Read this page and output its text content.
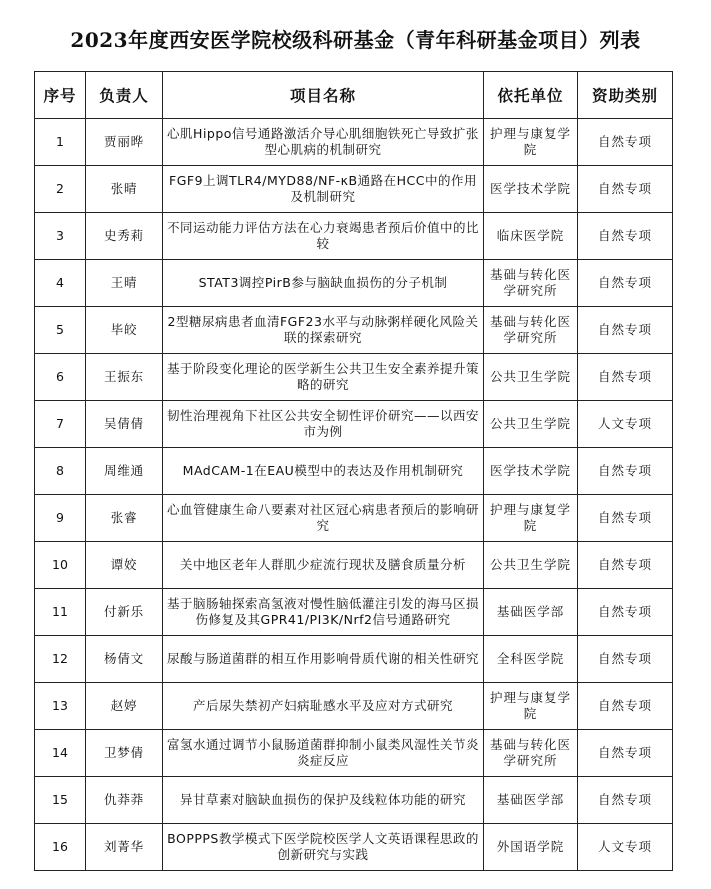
2023年度西安医学院校级科研基金（青年科研基金项目）列表
序号	负责人	项目名称	依托单位	资助类别
1	贾丽晔	心肌Hippo信号通路激活介导心肌细胞铁死亡导致扩张型心肌病的机制研究	护理与康复学院	自然专项
2	张晴	FGF9上调TLR4/MYD88/NF-κB通路在HCC中的作用及机制研究	医学技术学院	自然专项
3	史秀莉	不同运动能力评估方法在心力衰竭患者预后价值中的比较	临床医学院	自然专项
4	王晴	STAT3调控PirB参与脑缺血损伤的分子机制	基础与转化医学研究所	自然专项
5	毕皎	2型糖尿病患者血清FGF23水平与动脉粥样硬化风险关联的探索研究	基础与转化医学研究所	自然专项
6	王振东	基于阶段变化理论的医学新生公共卫生安全素养提升策略的研究	公共卫生学院	自然专项
7	吴倩倩	韧性治理视角下社区公共安全韧性评价研究——以西安市为例	公共卫生学院	人文专项
8	周维通	MAdCAM-1在EAU模型中的表达及作用机制研究	医学技术学院	自然专项
9	张睿	心血管健康生命八要素对社区冠心病患者预后的影响研究	护理与康复学院	自然专项
10	谭姣	关中地区老年人群肌少症流行现状及膳食质量分析	公共卫生学院	自然专项
11	付新乐	基于脑肠轴探索高氢液对慢性脑低灌注引发的海马区损伤修复及其GPR41/PI3K/Nrf2信号通路研究	基础医学部	自然专项
12	杨倩文	尿酸与肠道菌群的相互作用影响骨质代谢的相关性研究	全科医学院	自然专项
13	赵婷	产后尿失禁初产妇病耻感水平及应对方式研究	护理与康复学院	自然专项
14	卫梦倩	富氢水通过调节小鼠肠道菌群抑制小鼠类风湿性关节炎炎症反应	基础与转化医学研究所	自然专项
15	仇莽莽	异甘草素对脑缺血损伤的保护及线粒体功能的研究	基础医学部	自然专项
16	刘菁华	BOPPPS教学模式下医学院校医学人文英语课程思政的创新研究与实践	外国语学院	人文专项
